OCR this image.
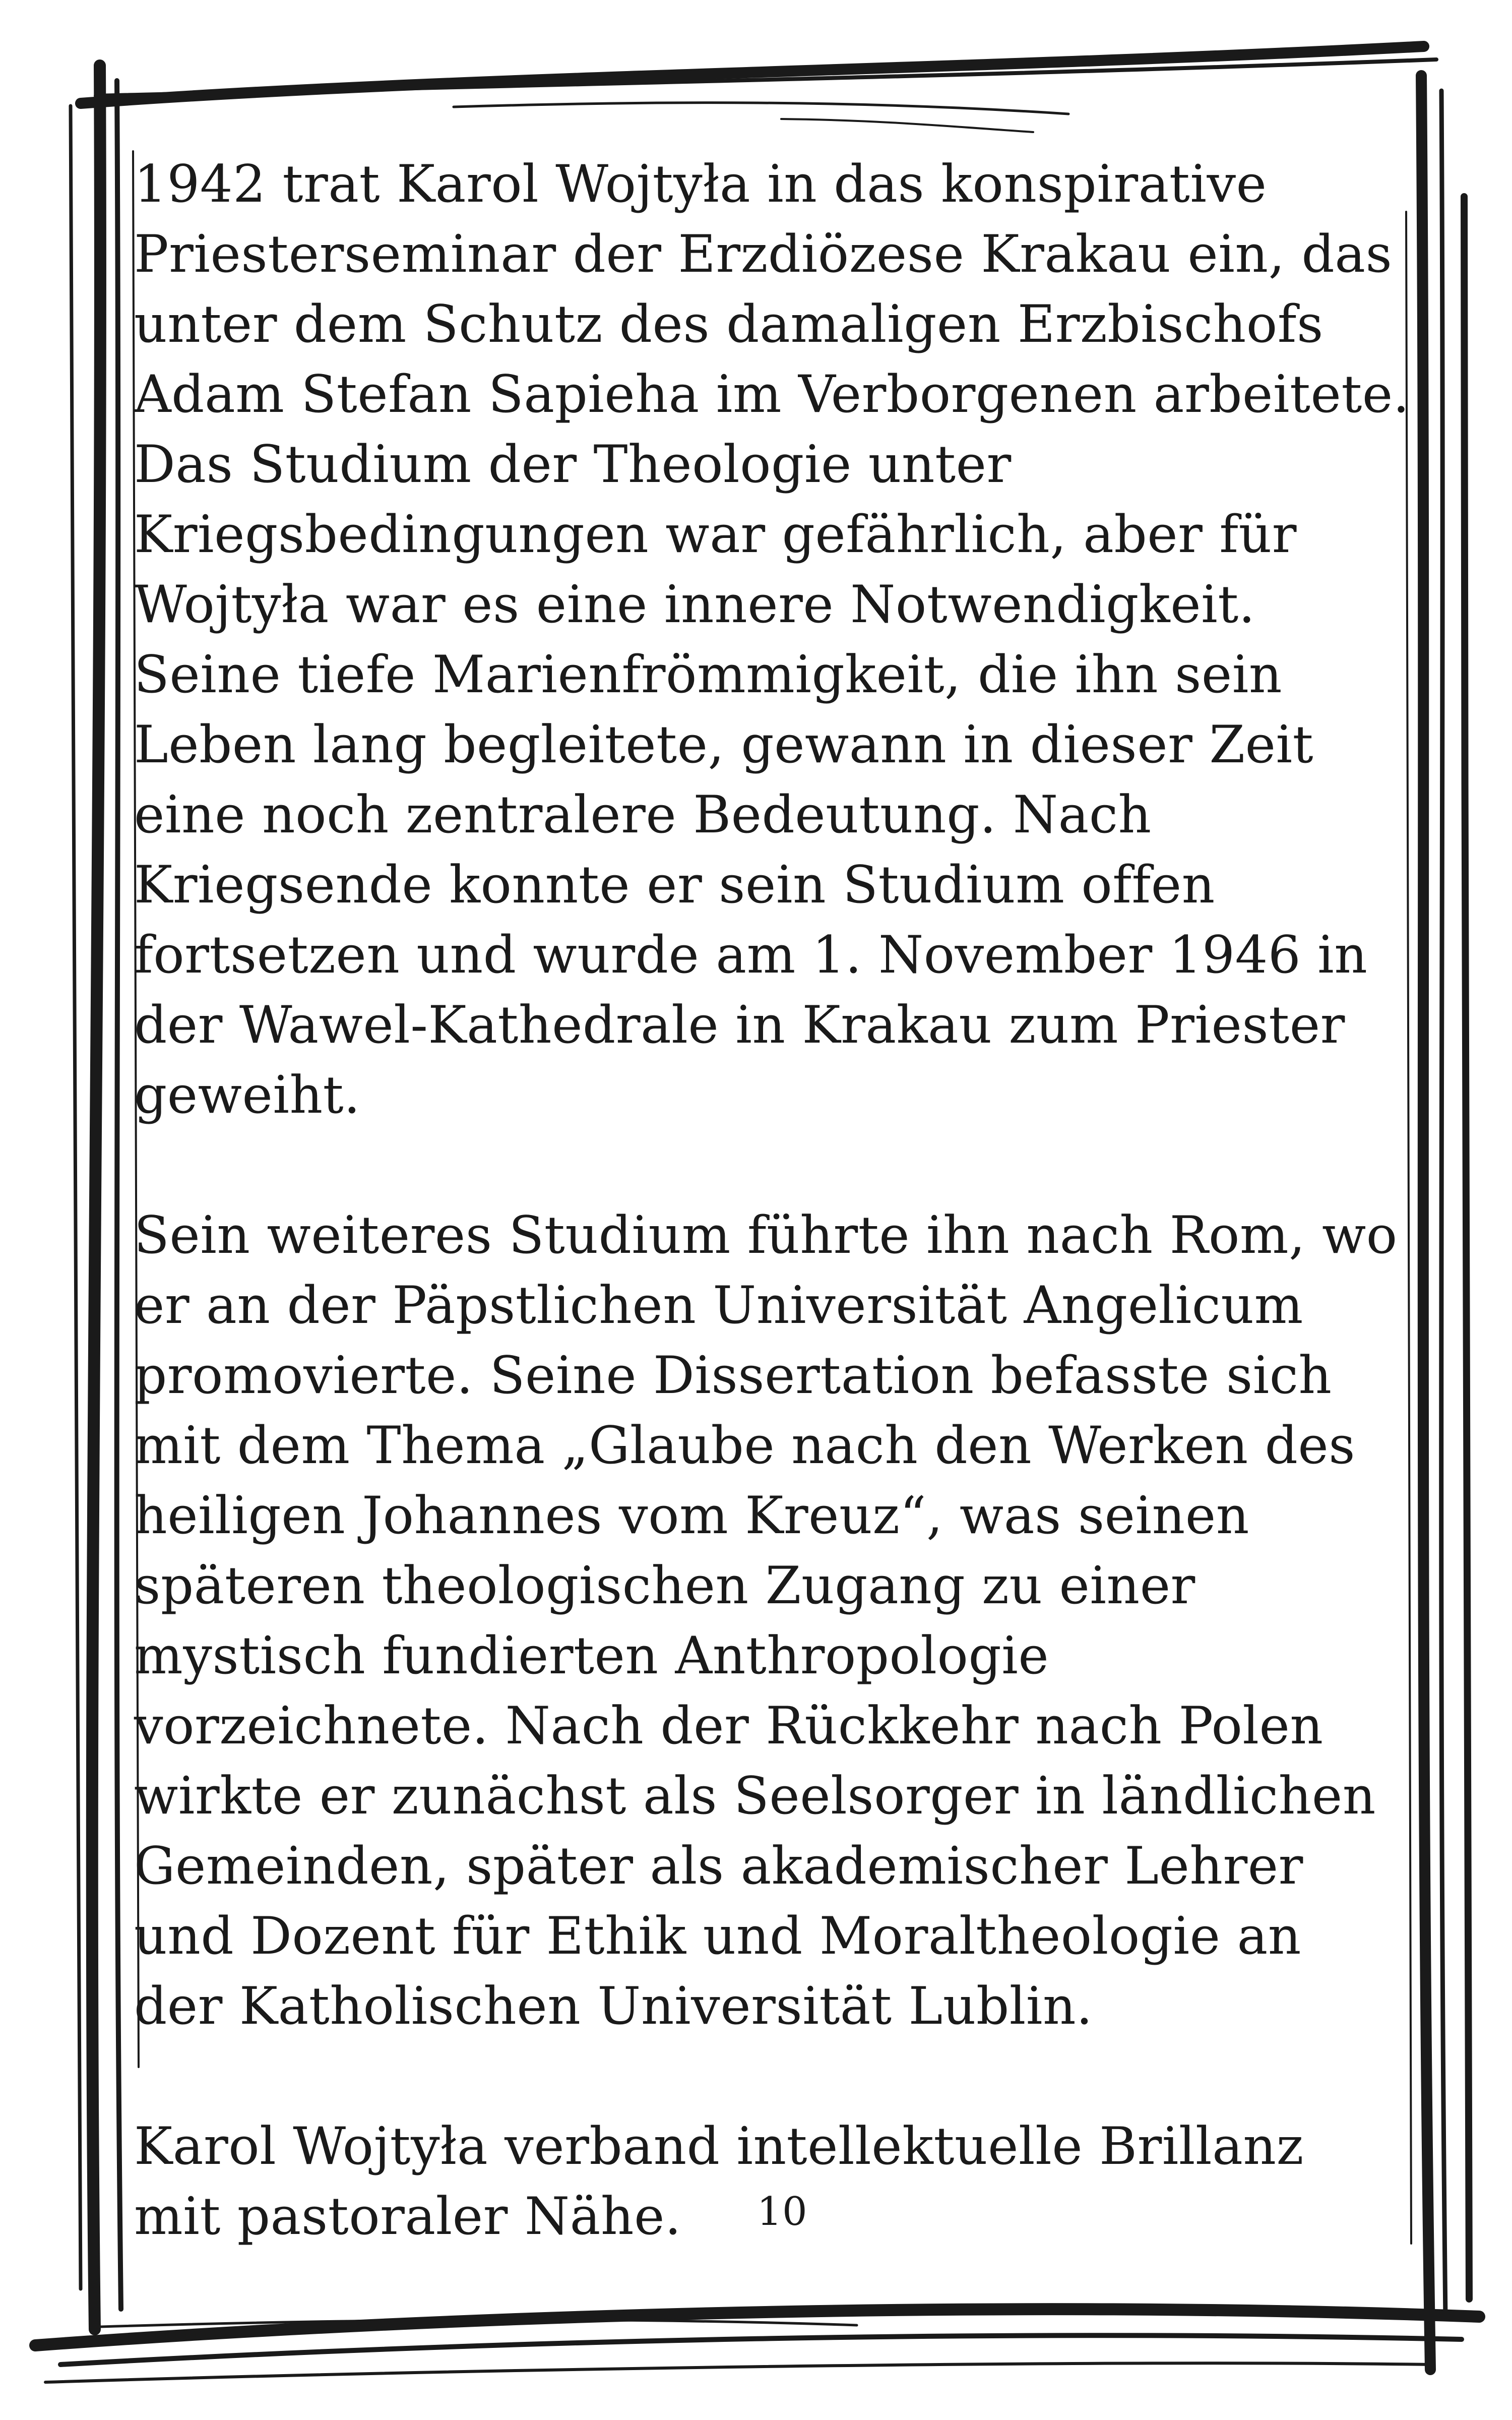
1942 trat Karol Wojtyła in das konspirative
Priesterseminar der Erzdiözese Krakau ein, das
unter dem Schutz des damaligen Erzbischofs
Adam Stefan Sapieha im Verborgenen arbeitete.
Das Studium der Theologie unter
Kriegsbedingungen war gefährlich, aber für
Wojtyła war es eine innere Notwendigkeit.
Seine tiefe Marienfrömmigkeit, die ihn sein
Leben lang begleitete, gewann in dieser Zeit
eine noch zentralere Bedeutung. Nach
Kriegsende konnte er sein Studium offen
fortsetzen und wurde am 1. November 1946 in
der Wawel-Kathedrale in Krakau zum Priester
geweiht.
Sein weiteres Studium führte ihn nach Rom, wo
er an der Päpstlichen Universität Angelicum
promovierte. Seine Dissertation befasste sich
mit dem Thema „Glaube nach den Werken des
heiligen Johannes vom Kreuz“, was seinen
späteren theologischen Zugang zu einer
mystisch fundierten Anthropologie
vorzeichnete. Nach der Rückkehr nach Polen
wirkte er zunächst als Seelsorger in ländlichen
Gemeinden, später als akademischer Lehrer
und Dozent für Ethik und Moraltheologie an
der Katholischen Universität Lublin.
Karol Wojtyła verband intellektuelle Brillanz
mit pastoraler Nähe. 10
